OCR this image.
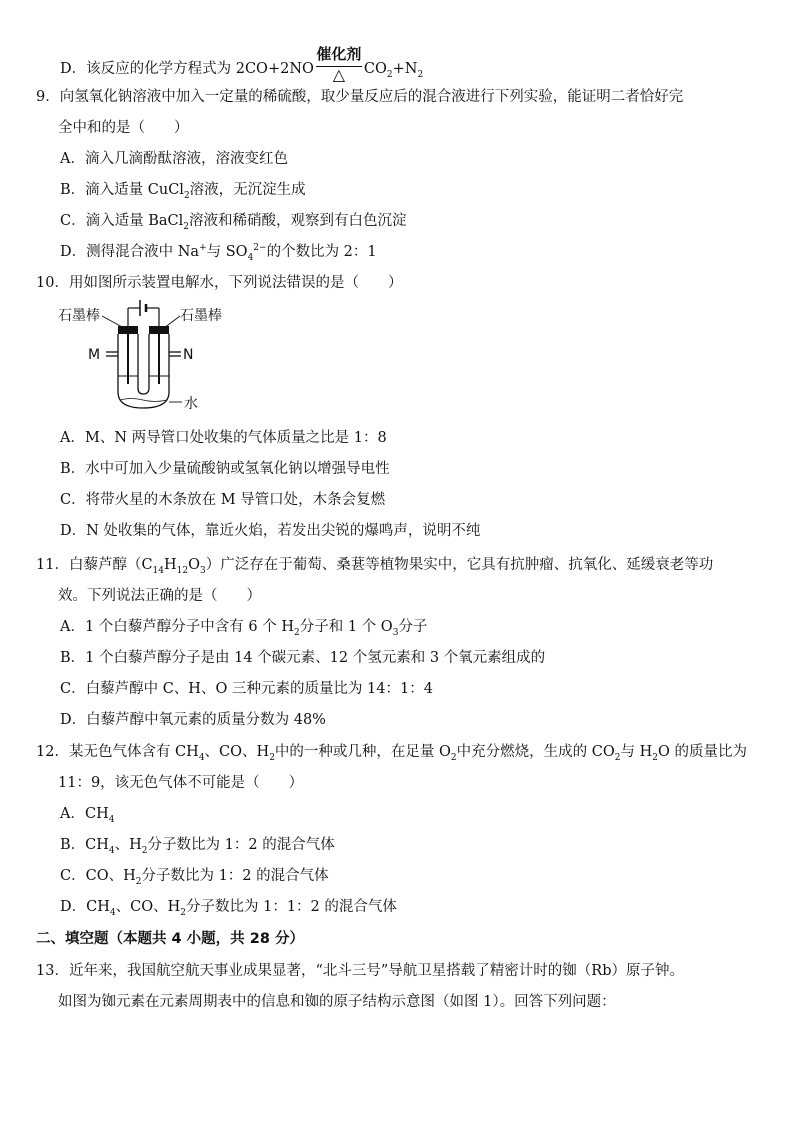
D．该反应的化学方程式为 2CO+2NO
催化剂
△	$CO_2+N_2$
9．向氢氧化钠溶液中加入一定量的稀硫酸，取少量反应后的混合液进行下列实验，能证明二者恰好完
全中和的是（　　）
A．滴入几滴酚酞溶液，溶液变红色
B．滴入适量 CuCl$_2$溶液，无沉淀生成
C．滴入适量 BaCl$_2$溶液和稀硝酸，观察到有白色沉淀
D．测得混合液中 Na+与 $SO_4^{2-}$的个数比为 2：1
10．用如图所示装置电解水，下列说法错误的是（　　）
石墨棒	石墨棒
M	N
水
A．M、N 两导管口处收集的气体质量之比是 1：8
B．水中可加入少量硫酸钠或氢氧化钠以增强导电性
C．将带火星的木条放在 M 导管口处，木条会复燃
D．N 处收集的气体，靠近火焰，若发出尖锐的爆鸣声，说明不纯
11．白藜芦醇$(C_{14}H_{12}O_3)$广泛存在于葡萄、桑葚等植物果实中，它具有抗肿瘤、抗氧化、延缓衰老等功
效。下列说法正确的是（　　）
A．1 个白藜芦醇分子中含有 6 个 $H_2$分子和 1 个 $O_3$分子
B．1 个白藜芦醇分子是由 14 个碳元素、12 个氢元素和 3 个氧元素组成的
C．白藜芦醇中 C、H、O 三种元素的质量比为 14：1：4
D．白藜芦醇中氧元素的质量分数为 48%
12．某无色气体含有 $CH_4$、CO、$H_2$中的一种或几种，在足量 $O_2$中充分燃烧，生成的 $CO_2$与 $H_2O$ 的质量比为
11：9，该无色气体不可能是（　　）
A．$CH_4$
B．$CH_4$、$H_2$分子数比为 1：2 的混合气体
C．CO、$H_2$分子数比为 1：2 的混合气体
D．$CH_4$、CO、$H_2$分子数比为 1：1：2 的混合气体
二、填空题（本题共 4 小题，共 28 分）
13．近年来，我国航空航天事业成果显著，“北斗三号”导航卫星搭载了精密计时的铷（Rb）原子钟。
如图为铷元素在元素周期表中的信息和铷的原子结构示意图（如图 1）。回答下列问题：
